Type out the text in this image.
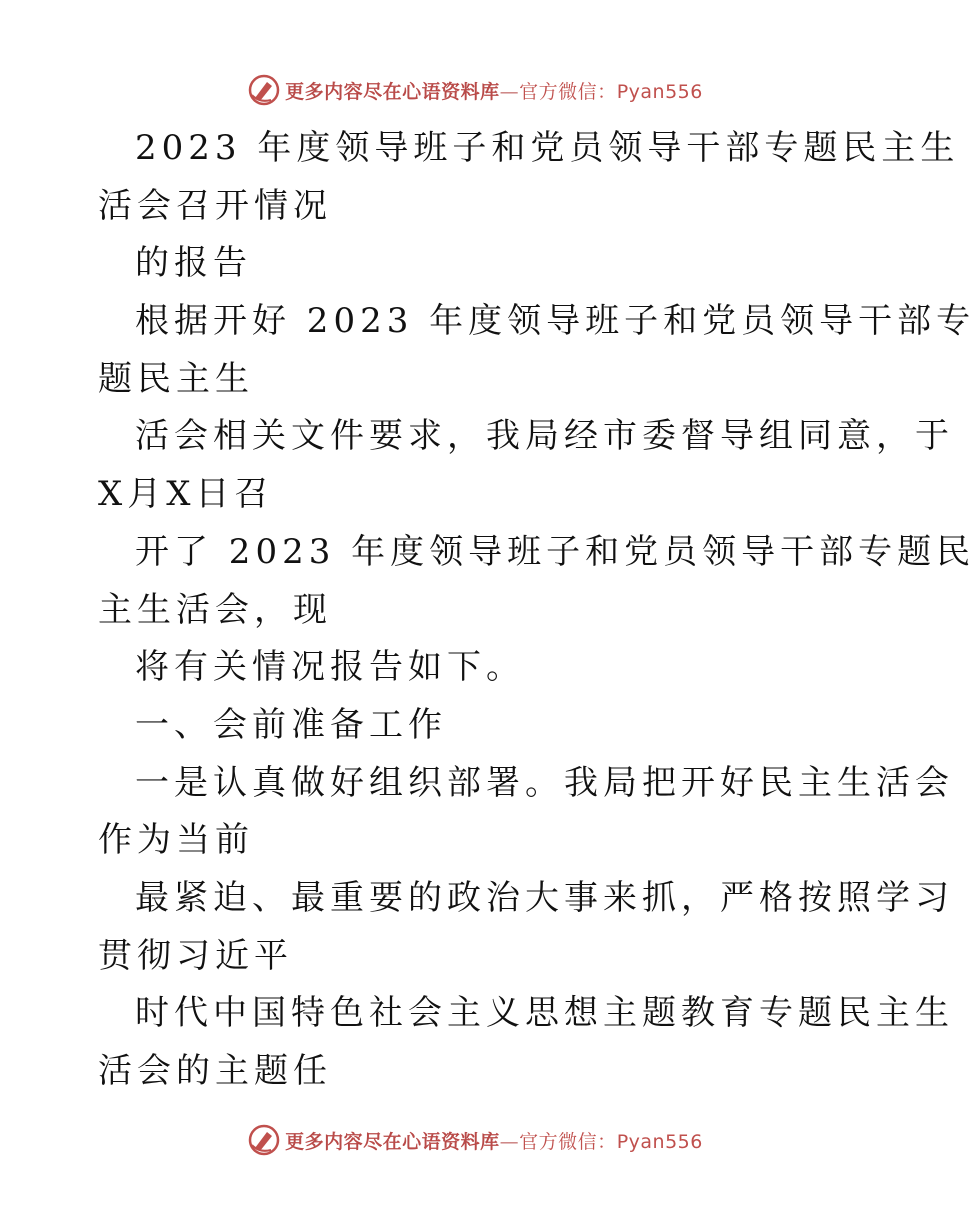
更多内容尽在心语资料库—官方微信：Pyan556
2023 年度领导班子和党员领导干部专题民主生
活会召开情况
的报告
根据开好 2023 年度领导班子和党员领导干部专
题民主生
活会相关文件要求，我局经市委督导组同意，于
X月X日召
开了 2023 年度领导班子和党员领导干部专题民
主生活会，现
将有关情况报告如下。
一、会前准备工作
一是认真做好组织部署。我局把开好民主生活会
作为当前
最紧迫、最重要的政治大事来抓，严格按照学习
贯彻习近平
时代中国特色社会主义思想主题教育专题民主生
活会的主题任
更多内容尽在心语资料库—官方微信：Pyan556
